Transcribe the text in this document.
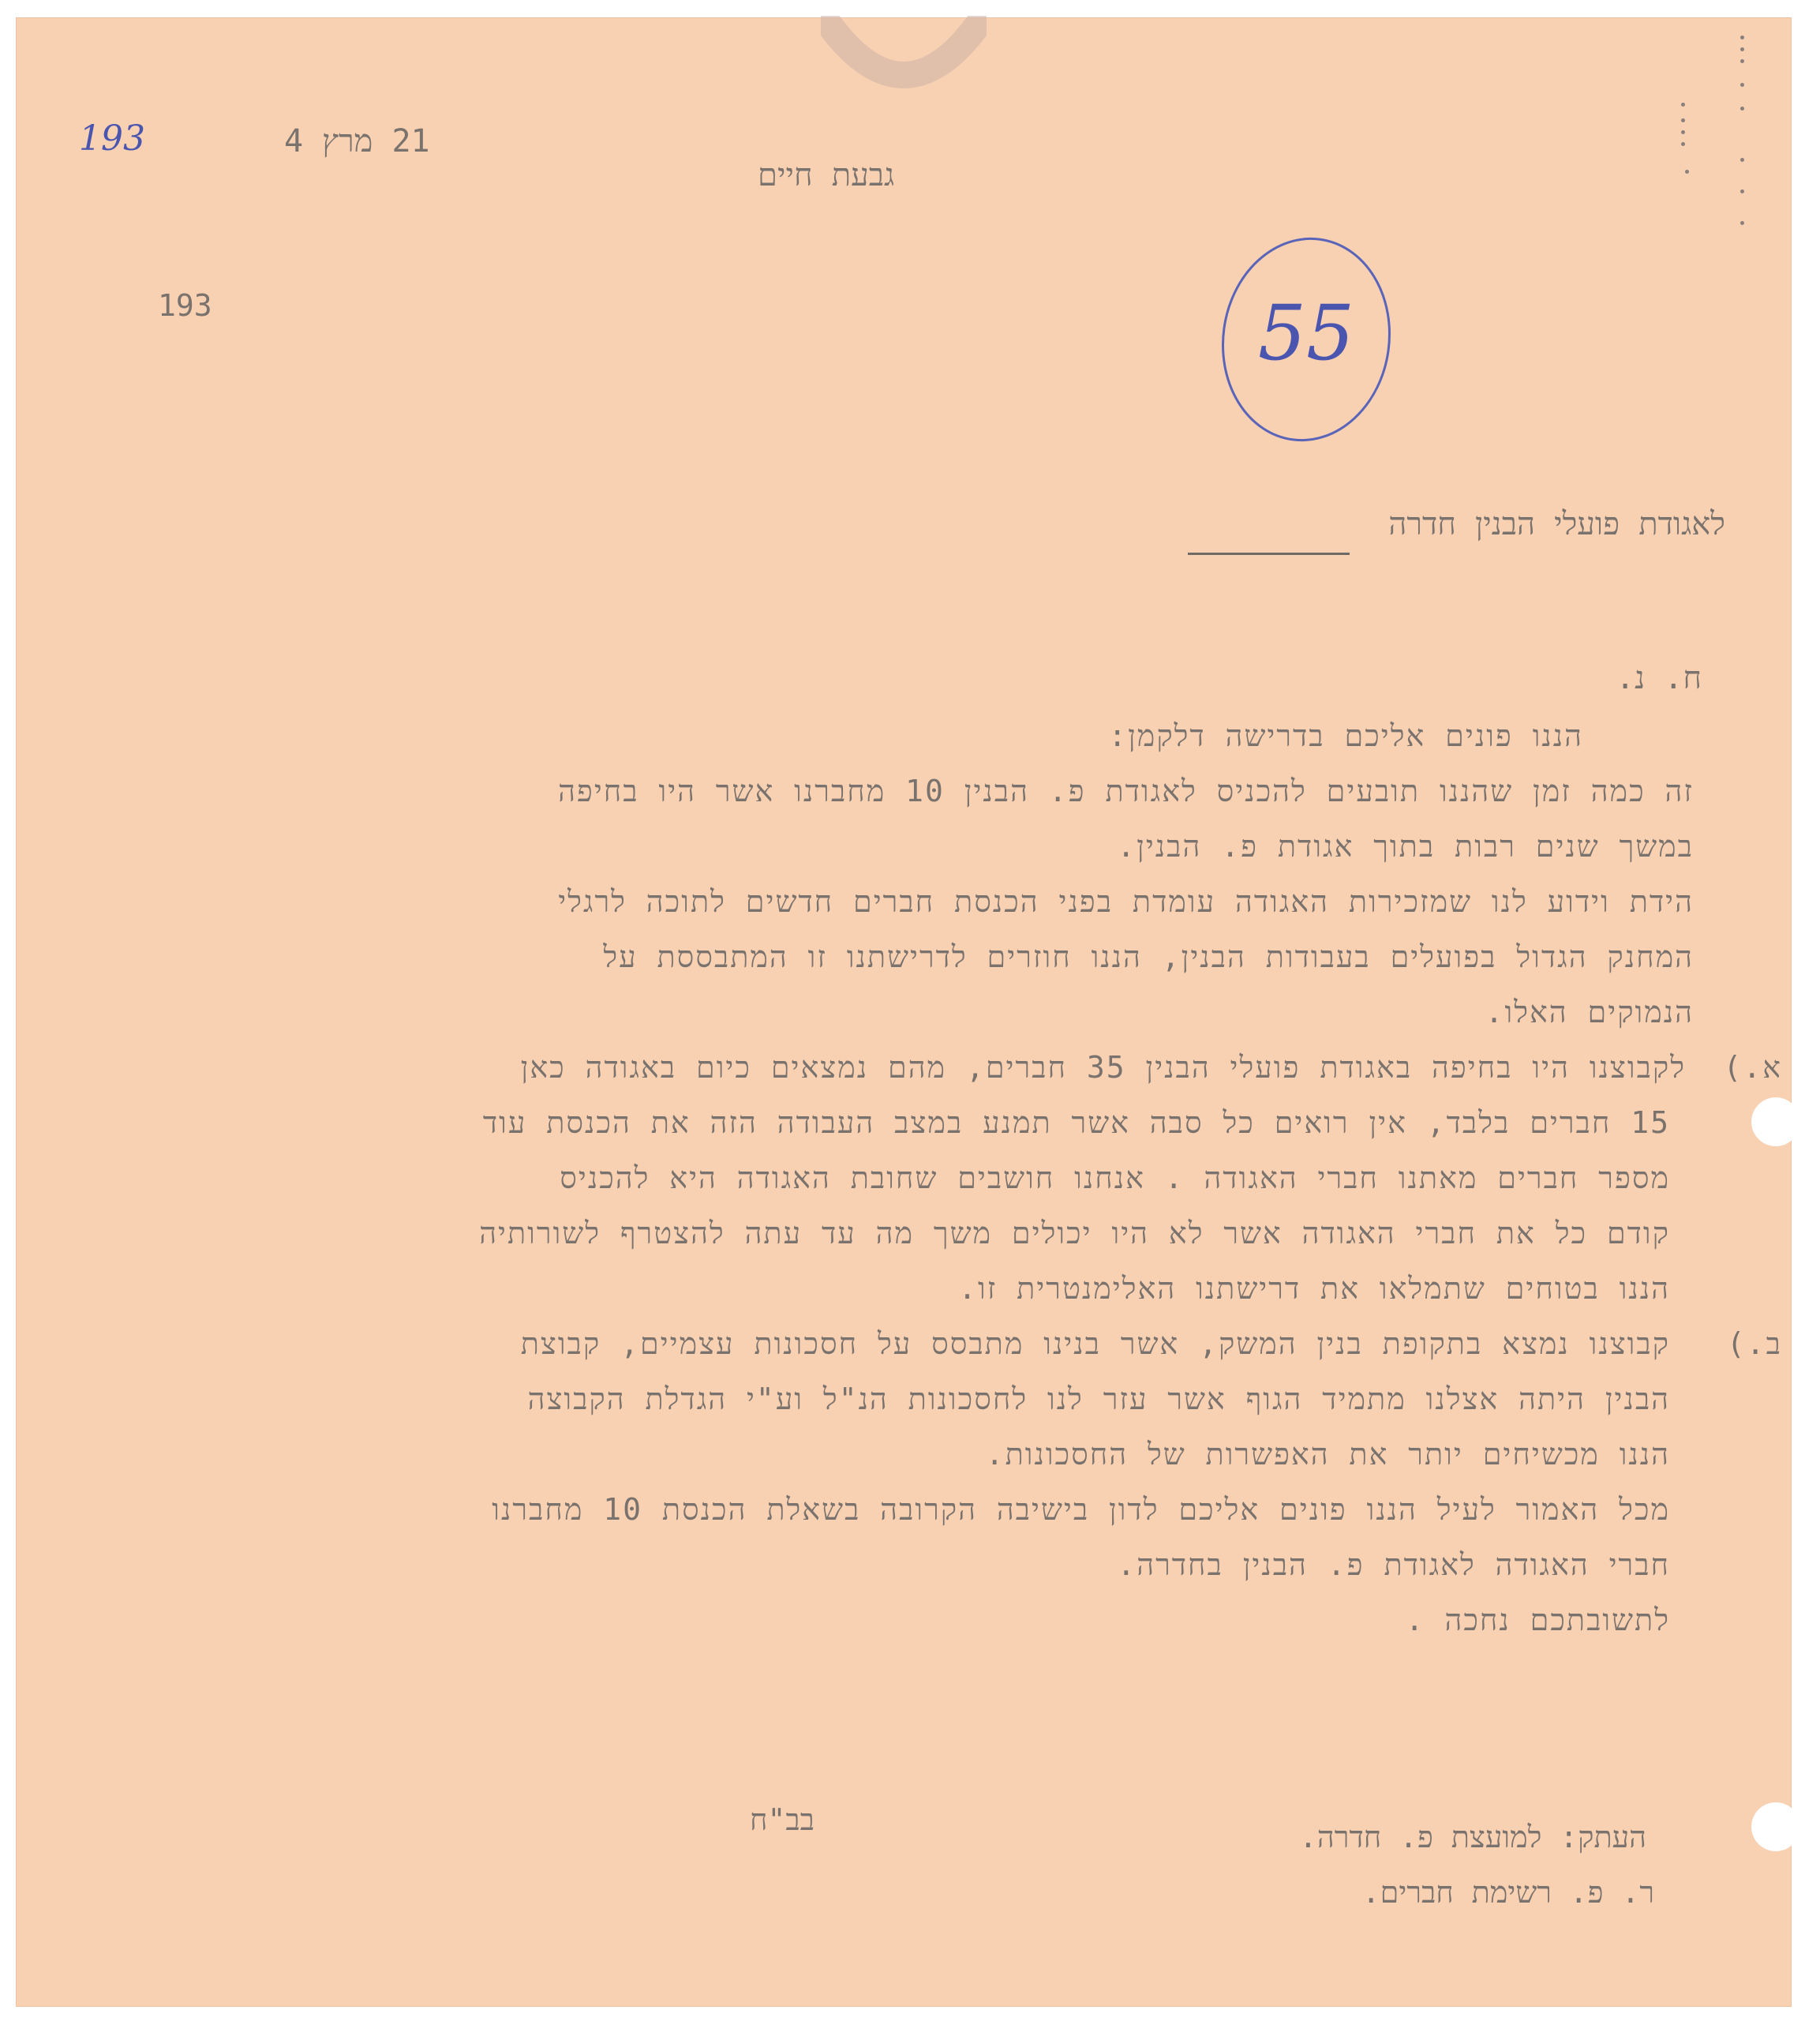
193	21 מרץ 4
גבעת חיים
193	55
לאגודת פועלי הבנין חדרה
ח. נ.
הננו פונים אליכם בדרישה דלקמן:
זה כמה זמן שהננו תובעים להכניס לאגודת פ. הבנין 10 מחברנו אשר היו בחיפה
במשך שנים רבות בתוך אגודת פ. הבנין.
הידת וידוע לנו שמזכירות האגודה עומדת בפני הכנסת חברים חדשים לתוכה לרגלי
המחנק הגדול בפועלים בעבודות הבנין, הננו חוזרים לדרישתנו זו המתבססת על
הנמוקים האלו.
א.)
לקבוצנו היו בחיפה באגודת פועלי הבנין 35 חברים, מהם נמצאים כיום באגודה כאן
15 חברים בלבד, אין רואים כל סבה אשר תמנע במצב העבודה הזה את הכנסת עוד
מספר חברים מאתנו חברי האגודה . אנחנו חושבים שחובת האגודה היא להכניס
קודם כל את חברי האגודה אשר לא היו יכולים משך מה עד עתה להצטרף לשורותיה
הננו בטוחים שתמלאו את דרישתנו האלימנטרית זו.
ב.)
קבוצנו נמצא בתקופת בנין המשק, אשר בנינו מתבסס על חסכונות עצמיים, קבוצת
הבנין היתה אצלנו מתמיד הגוף אשר עזר לנו לחסכונות הנ"ל וע"י הגדלת הקבוצה
הננו מכשיחים יותר את האפשרות של החסכונות.
מכל האמור לעיל הננו פונים אליכם לדון בישיבה הקרובה בשאלת הכנסת 10 מחברנו
חברי האגודה לאגודת פ. הבנין בחדרה.
לתשובתכם נחכה .
בב"ח	העתק: למועצת פ. חדרה.
ר. פ. רשימת חברים.
